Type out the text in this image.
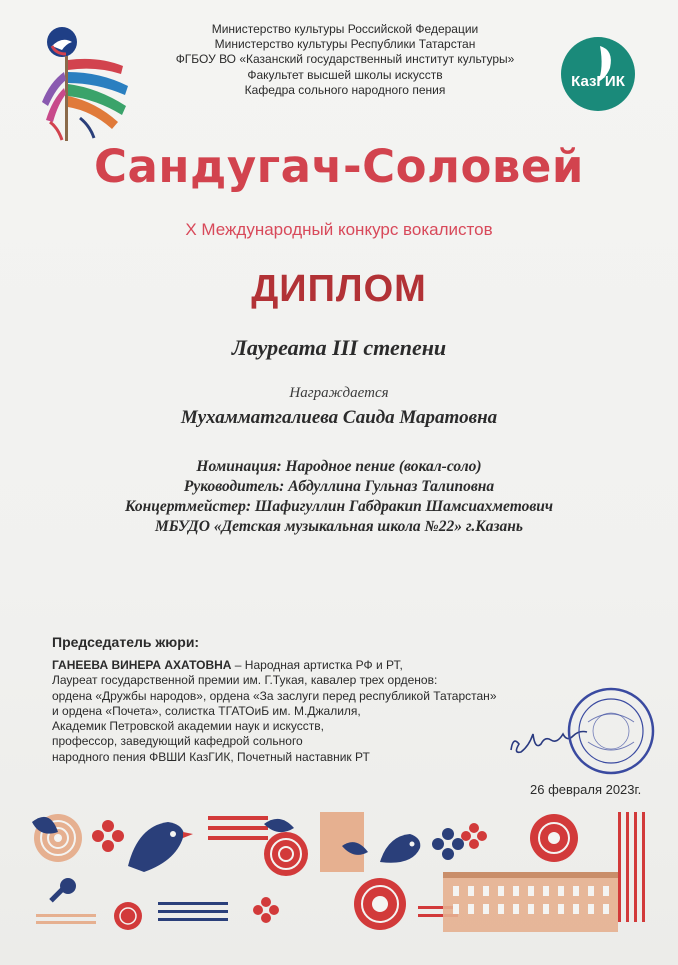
Министерство культуры Российской Федерации
Министерство культуры Республики Татарстан
ФГБОУ ВО «Казанский государственный институт культуры»
Факультет высшей школы искусств
Кафедра сольного народного пения	КазГИК
Сандугач-Соловей
X Международный конкурс вокалистов
ДИПЛОМ
Лауреата III степени
Награждается
Мухамматгалиева Саида Маратовна
Номинация: Народное пение (вокал-соло)
Руководитель: Абдуллина Гульназ Талиповна
Концертмейстер: Шафигуллин Габдракип Шамсиахметович
МБУДО «Детская музыкальная школа №22» г.Казань
Председатель жюри:
ГАНЕЕВА ВИНЕРА АХАТОВНА – Народная артистка РФ и РТ,
Лауреат государственной премии им. Г.Тукая, кавалер трех орденов:
ордена «Дружбы народов», ордена «За заслуги перед республикой Татарстан»
и ордена «Почета», солистка ТГАТОиБ им. М.Джалиля,
Академик Петровской академии наук и искусств,
профессор, заведующий кафедрой сольного
народного пения ФВШИ КазГИК, Почетный наставник РТ
26 февраля 2023г.
